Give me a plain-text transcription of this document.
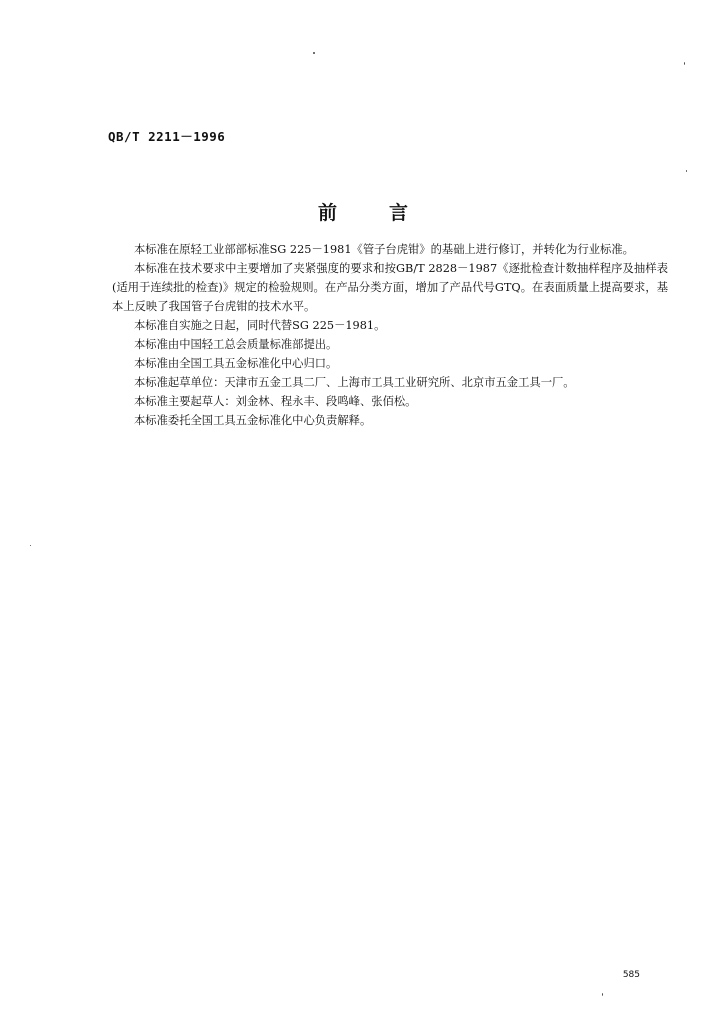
QB/T 2211－1996
前	言

本标准在原轻工业部部标准SG 225－1981《管子台虎钳》的基础上进行修订，并转化为行业标准。

本标准在技术要求中主要增加了夹紧强度的要求和按GB/T 2828－1987《逐批检查计数抽样程序及抽样表(适用于连续批的检查)》规定的检验规则。在产品分类方面，增加了产品代号GTQ。在表面质量上提高要求，基本上反映了我国管子台虎钳的技术水平。

本标准自实施之日起，同时代替SG 225－1981。

本标准由中国轻工总会质量标准部提出。

本标准由全国工具五金标准化中心归口。

本标准起草单位：天津市五金工具二厂、上海市工具工业研究所、北京市五金工具一厂。

本标准主要起草人：刘金林、程永丰、段鸣峰、张佰松。

本标准委托全国工具五金标准化中心负责解释。

585
